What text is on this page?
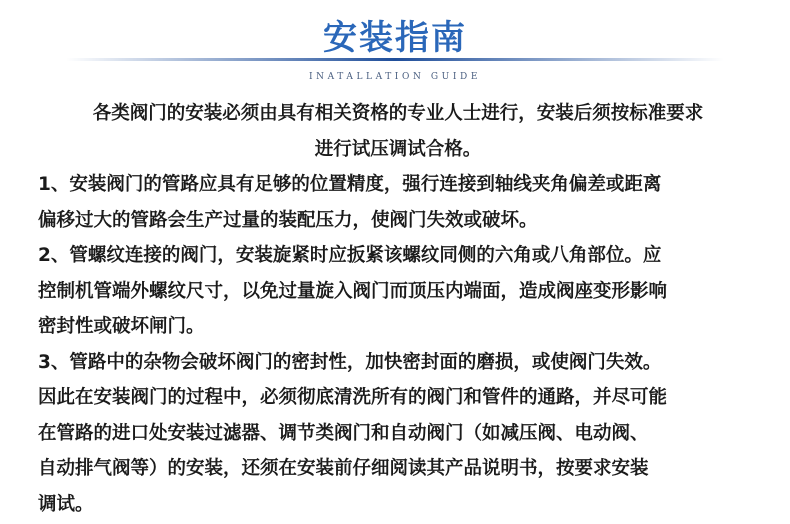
安装指南
INATALLATION GUIDE
各类阀门的安装必须由具有相关资格的专业人士进行，安装后须按标准要求
进行试压调试合格。
1、安装阀门的管路应具有足够的位置精度，强行连接到轴线夹角偏差或距离
偏移过大的管路会生产过量的装配压力，使阀门失效或破坏。
2、管螺纹连接的阀门，安装旋紧时应扳紧该螺纹同侧的六角或八角部位。应
控制机管端外螺纹尺寸，以免过量旋入阀门而顶压内端面，造成阀座变形影响
密封性或破坏闸门。
3、管路中的杂物会破坏阀门的密封性，加快密封面的磨损，或使阀门失效。
因此在安装阀门的过程中，必须彻底清洗所有的阀门和管件的通路，并尽可能
在管路的进口处安装过滤器、调节类阀门和自动阀门（如减压阀、电动阀、
自动排气阀等）的安装，还须在安装前仔细阅读其产品说明书，按要求安装
调试。
